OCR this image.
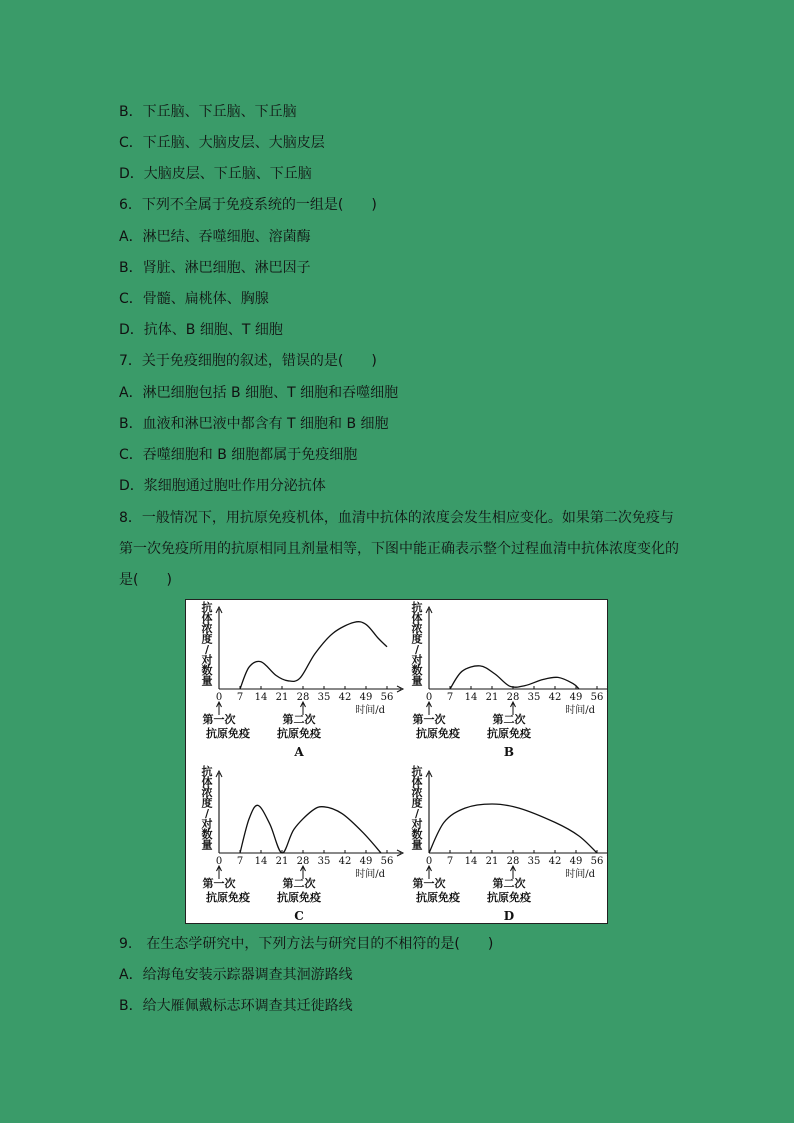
B．下丘脑、下丘脑、下丘脑
C．下丘脑、大脑皮层、大脑皮层
D．大脑皮层、下丘脑、下丘脑
6．下列不全属于免疫系统的一组是(　　)
A．淋巴结、吞噬细胞、溶菌酶
B．肾脏、淋巴细胞、淋巴因子
C．骨髓、扁桃体、胸腺
D．抗体、B 细胞、T 细胞
7．关于免疫细胞的叙述，错误的是(　　)
A．淋巴细胞包括 B 细胞、T 细胞和吞噬细胞
B．血液和淋巴液中都含有 T 细胞和 B 细胞
C．吞噬细胞和 B 细胞都属于免疫细胞
D．浆细胞通过胞吐作用分泌抗体
8．一般情况下，用抗原免疫机体，血清中抗体的浓度会发生相应变化。如果第二次免疫与
第一次免疫所用的抗原相同且剂量相等，下图中能正确表示整个过程血清中抗体浓度变化的
是(　　)
抗
体
浓
度
/
对
数
量
0 7 14 21 28 35 42 49 56
时间/d
第一次
抗原免疫
第二次
抗原免疫
A
抗
体
浓
度
/
对
数
量
0 7 14 21 28 35 42 49 56
时间/d
第一次
抗原免疫
第二次
抗原免疫
B
抗
体
浓
度
/
对
数
量
0 7 14 21 28 35 42 49 56
时间/d
第一次
抗原免疫
第二次
抗原免疫
C
抗
体
浓
度
/
对
数
量
0 7 14 21 28 35 42 49 56
时间/d
第一次
抗原免疫
第二次
抗原免疫
D
9.　在生态学研究中，下列方法与研究目的不相符的是(　　)
A．给海龟安装示踪器调查其洄游路线
B．给大雁佩戴标志环调查其迁徙路线
